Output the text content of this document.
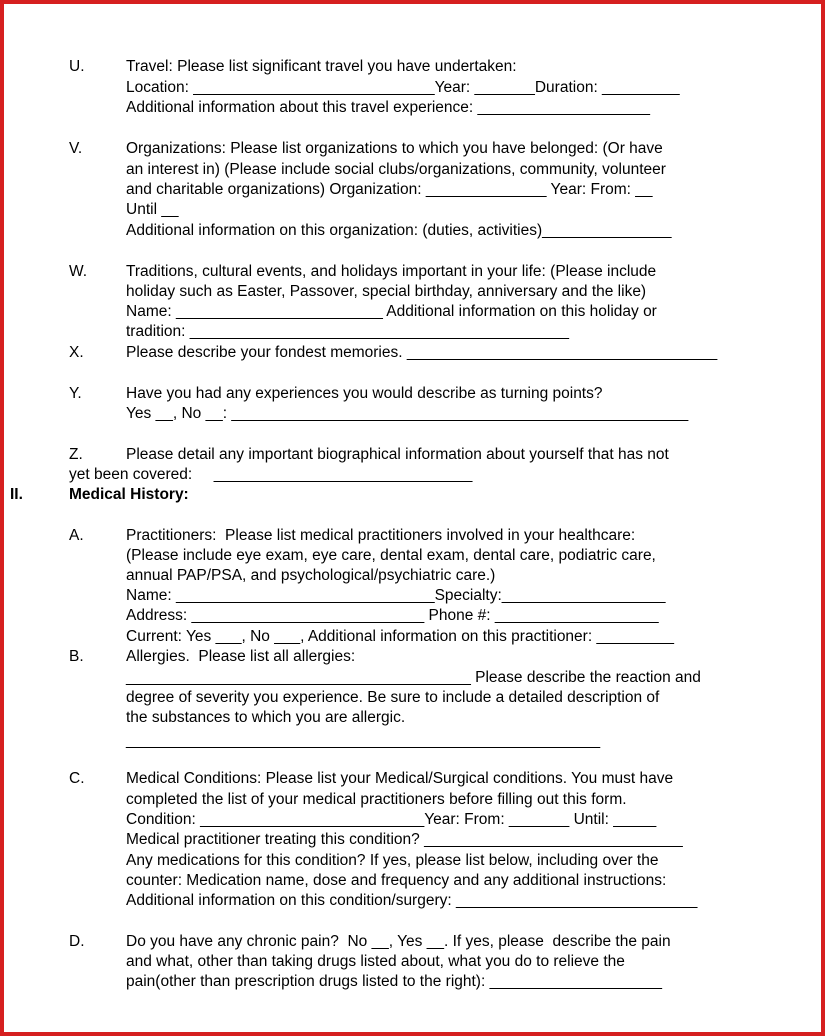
U.	Travel: Please list significant travel you have undertaken:
Location: ____________________________Year: _______Duration: _________
Additional information about this travel experience: ____________________
V.	Organizations: Please list organizations to which you have belonged: (Or have
an interest in) (Please include social clubs/organizations, community, volunteer
and charitable organizations) Organization: ______________ Year: From: __
Until __
Additional information on this organization: (duties, activities)_______________
W.	Traditions, cultural events, and holidays important in your life: (Please include
holiday such as Easter, Passover, special birthday, anniversary and the like)
Name: ________________________ Additional information on this holiday or
tradition: ____________________________________________
X.	Please describe your fondest memories. ____________________________________
Y.	Have you had any experiences you would describe as turning points?
Yes __, No __: _____________________________________________________
Z.	Please detail any important biographical information about yourself that has not
yet been covered:     ______________________________
II.	Medical History:
A.	Practitioners:  Please list medical practitioners involved in your healthcare:
(Please include eye exam, eye care, dental exam, dental care, podiatric care,
annual PAP/PSA, and psychological/psychiatric care.)
Name: ______________________________Specialty:___________________
Address: ___________________________ Phone #: ___________________
Current: Yes ___, No ___, Additional information on this practitioner: _________
B.	Allergies.  Please list all allergies:
________________________________________ Please describe the reaction and
degree of severity you experience. Be sure to include a detailed description of
the substances to which you are allergic.
_______________________________________________________
C.	Medical Conditions: Please list your Medical/Surgical conditions. You must have
completed the list of your medical practitioners before filling out this form.
Condition: __________________________Year: From: _______ Until: _____
Medical practitioner treating this condition? ______________________________
Any medications for this condition? If yes, please list below, including over the
counter: Medication name, dose and frequency and any additional instructions:
Additional information on this condition/surgery: ____________________________
D.	Do you have any chronic pain?  No __, Yes __. If yes, please  describe the pain
and what, other than taking drugs listed about, what you do to relieve the
pain(other than prescription drugs listed to the right): ____________________
